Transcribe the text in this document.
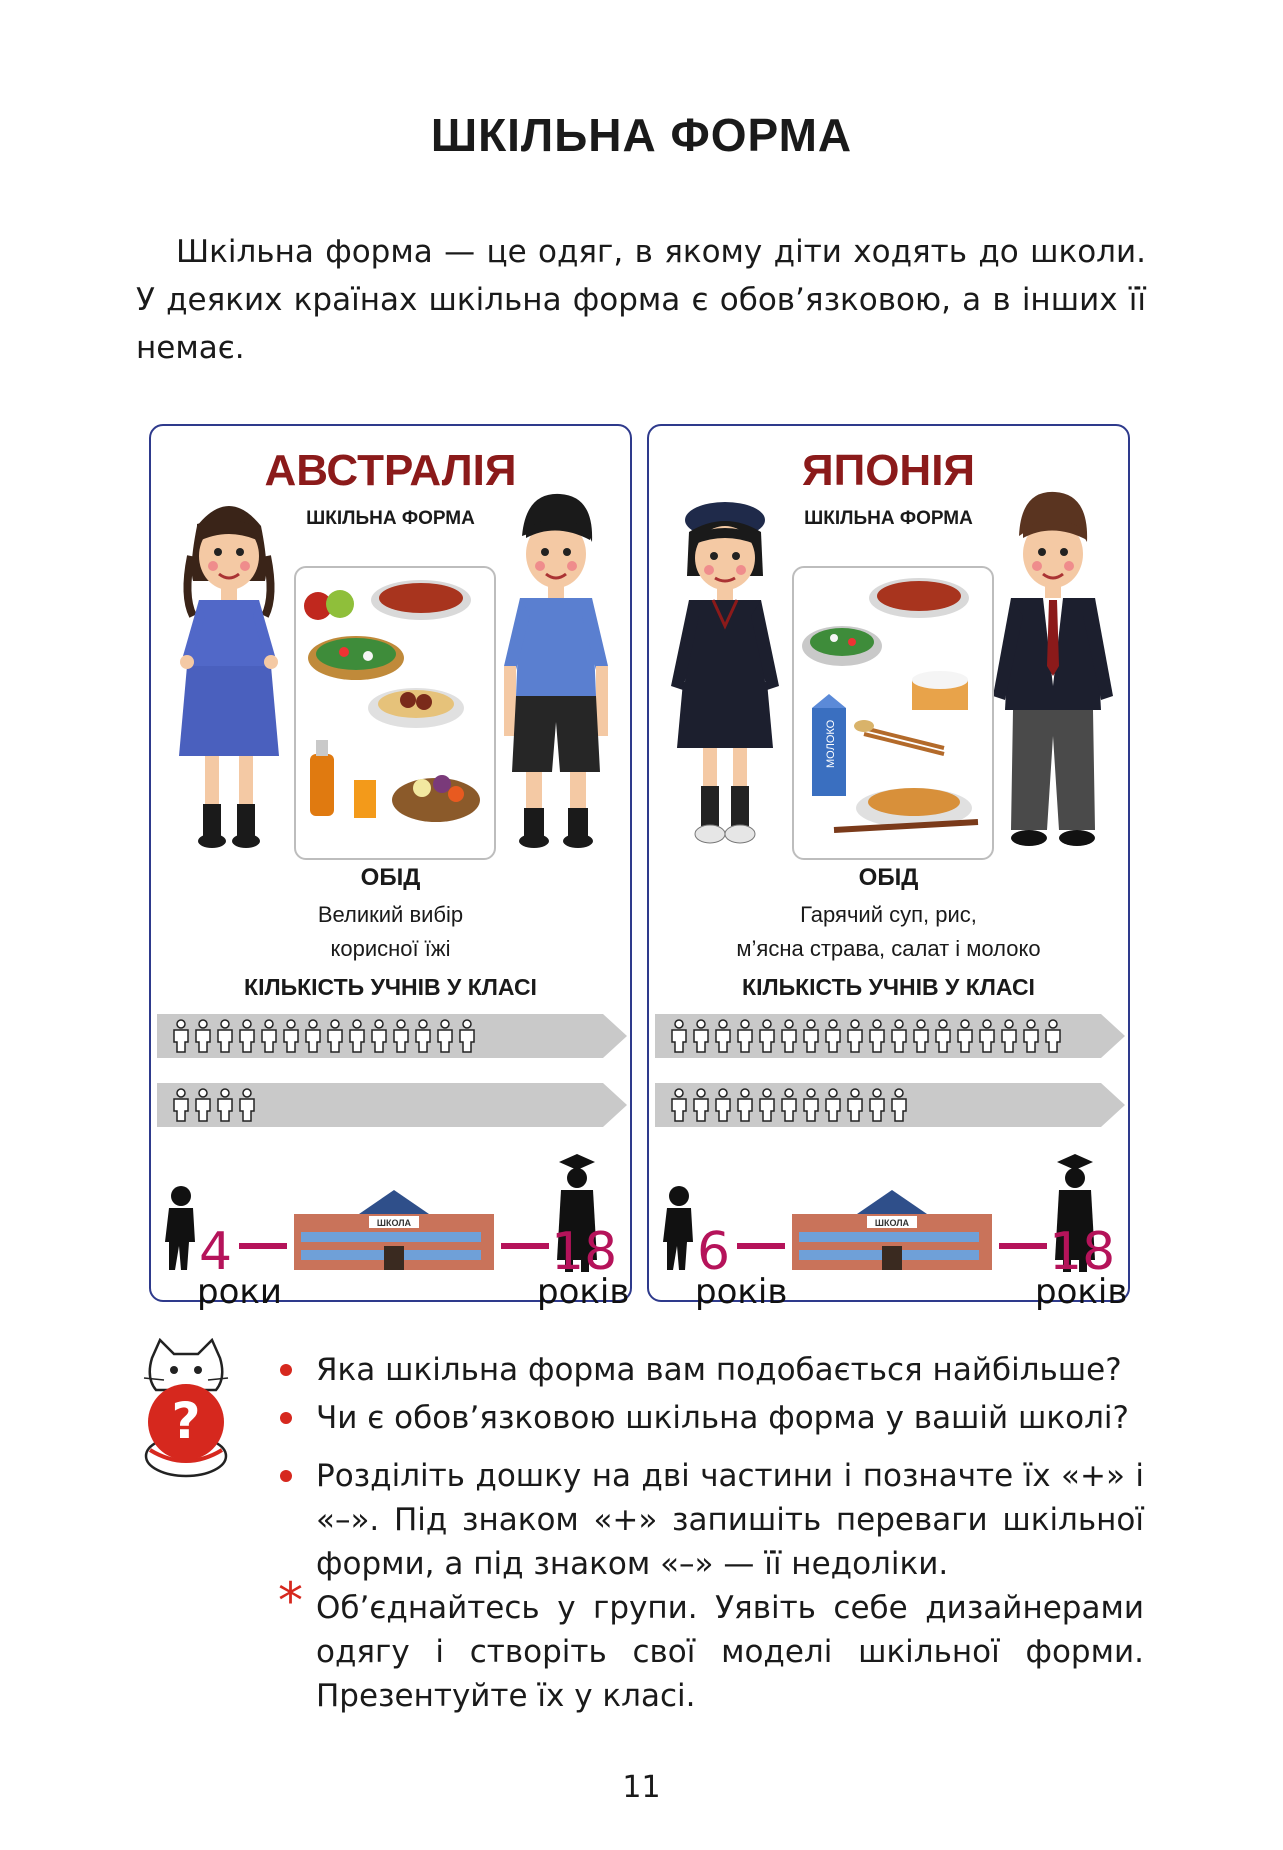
ШКІЛЬНА ФОРМА
Шкільна форма — це одяг, в якому діти ходять до школи. У деяких країнах шкільна форма є обов’язковою, а в інших її немає.
АВСТРАЛІЯ
ШКІЛЬНА ФОРМА
ОБІД
Великий вибір
корисної їжі
КІЛЬКІСТЬ УЧНІВ У КЛАСІ
4
роки
ШКОЛА	18
років
ЯПОНІЯ
ШКІЛЬНА ФОРМА
МОЛОКО
ОБІД
Гарячий суп, рис,
м’ясна страва, салат і молоко
КІЛЬКІСТЬ УЧНІВ У КЛАСІ
6
років
ШКОЛА	18
років
?
Яка шкільна форма вам подобається найбільше?
Чи є обов’язковою шкільна форма у вашій школі?
Розділіть дошку на дві частини і позначте їх «+» і «–». Під знаком «+» запишіть переваги шкільної форми, а під знаком «–» — її недоліки.
* Об’єднайтесь у групи. Уявіть себе дизайнерами одягу і створіть свої моделі шкільної форми. Презентуйте їх у класі.
11
